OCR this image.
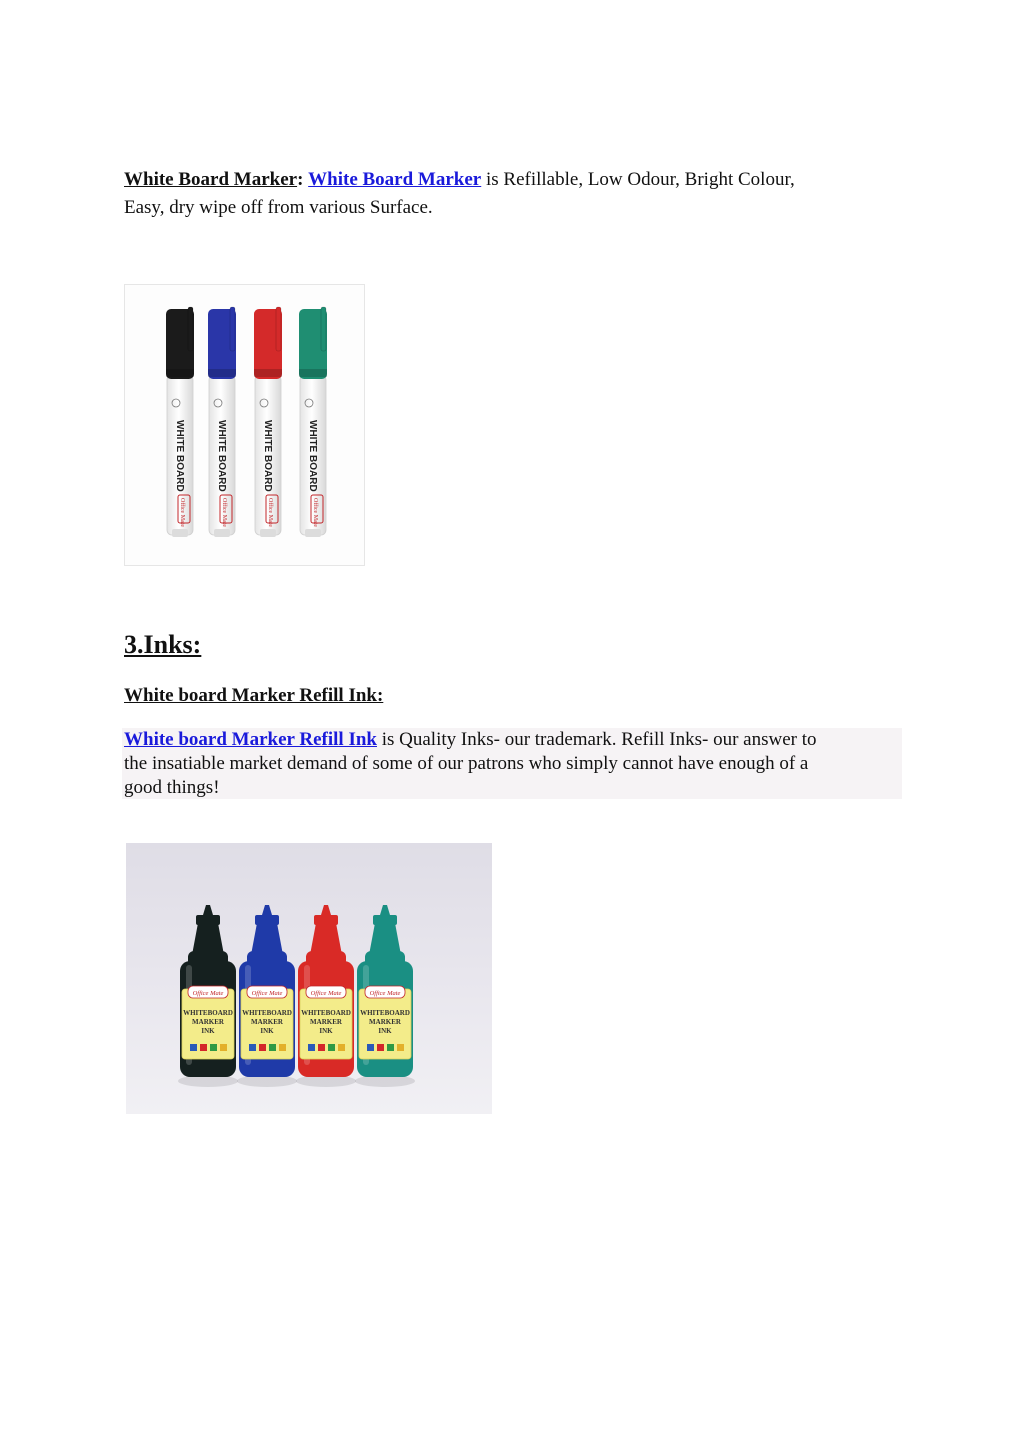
White Board Marker: White Board Marker is Refillable, Low Odour, Bright Colour,
Easy, dry wipe off from various Surface.
WHITE BOARD
Office Mate
WHITE BOARD
Office Mate
WHITE BOARD
Office Mate
WHITE BOARD
Office Mate
3.Inks:
White board Marker Refill Ink:
White board Marker Refill Ink is Quality Inks- our trademark. Refill Inks- our answer to
the insatiable market demand of some of our patrons who simply cannot have enough of a
good things!
Office Mate
WHITEBOARD
MARKER
INK
Office Mate
WHITEBOARD
MARKER
INK
Office Mate
WHITEBOARD
MARKER
INK
Office Mate
WHITEBOARD
MARKER
INK
